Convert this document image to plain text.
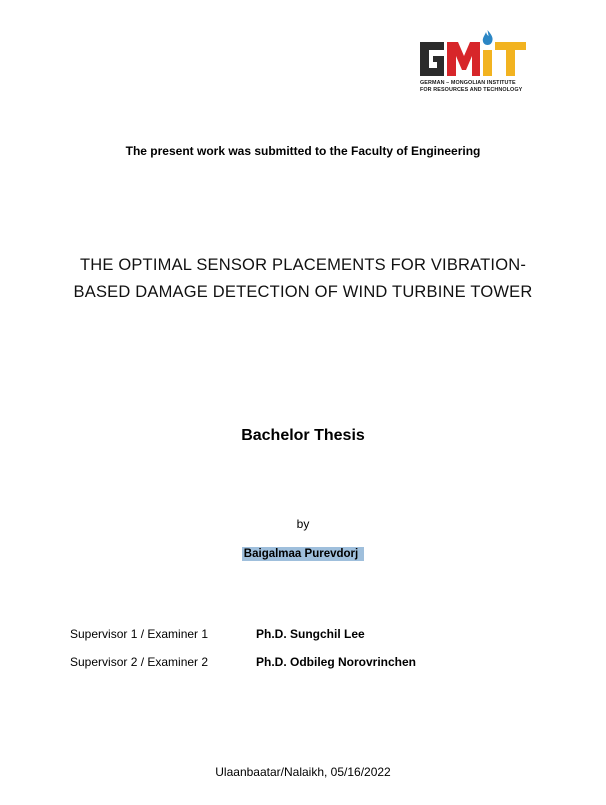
GERMAN – MONGOLIAN INSTITUTE
FOR RESOURCES AND TECHNOLOGY
The present work was submitted to the Faculty of Engineering
THE OPTIMAL SENSOR PLACEMENTS FOR VIBRATION-
BASED DAMAGE DETECTION OF WIND TURBINE TOWER
Bachelor Thesis
by
Baigalmaa Purevdorj
Supervisor 1 / Examiner 1	Ph.D. Sungchil Lee
Supervisor 2 / Examiner 2	Ph.D. Odbileg Norovrinchen
Ulaanbaatar/Nalaikh, 05/16/2022
